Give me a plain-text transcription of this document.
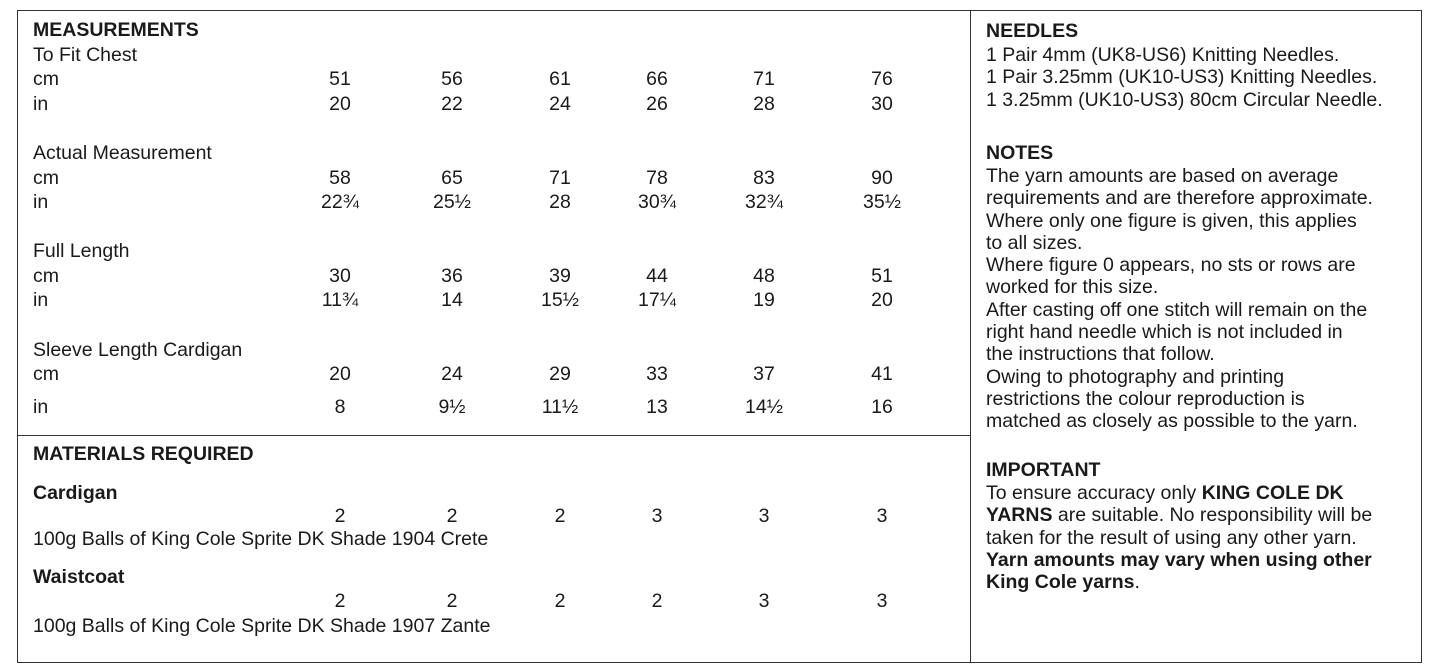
MEASUREMENTS
To Fit Chest
cm	51	56	61	66	71	76
in	20	22	24	26	28	30
Actual Measurement
cm	58	65	71	78	83	90
in	22¾	25½	28	30¾	32¾	35½
Full Length
cm	30	36	39	44	48	51
in	11¾	14	15½	17¼	19	20
Sleeve Length Cardigan
cm	20	24	29	33	37	41
in	8	9½	11½	13	14½	16
MATERIALS REQUIRED
Cardigan
2	2	2	3	3	3
100g Balls of King Cole Sprite DK Shade 1904 Crete
Waistcoat
2	2	2	2	3	3
100g Balls of King Cole Sprite DK Shade 1907 Zante
NEEDLES
1 Pair 4mm (UK8-US6) Knitting Needles.
1 Pair 3.25mm (UK10-US3) Knitting Needles.
1 3.25mm (UK10-US3) 80cm Circular Needle.
NOTES
The yarn amounts are based on average
requirements and are therefore approximate.
Where only one figure is given, this applies
to all sizes.
Where figure 0 appears, no sts or rows are
worked for this size.
After casting off one stitch will remain on the
right hand needle which is not included in
the instructions that follow.
Owing to photography and printing
restrictions the colour reproduction is
matched as closely as possible to the yarn.
IMPORTANT
To ensure accuracy only KING COLE DK
YARNS are suitable. No responsibility will be
taken for the result of using any other yarn.
Yarn amounts may vary when using other
King Cole yarns.
